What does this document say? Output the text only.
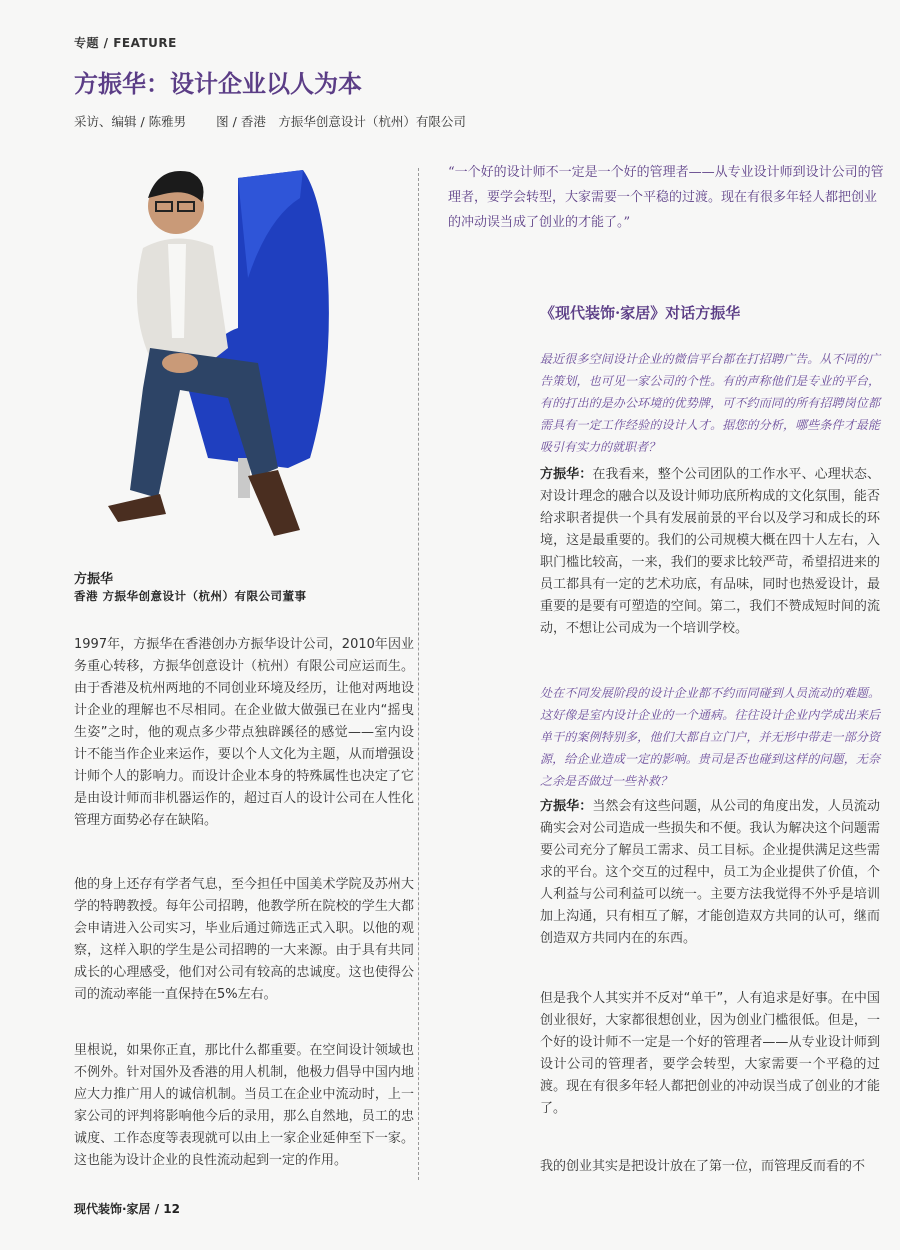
专题 / FEATURE
方振华：设计企业以人为本
采访、编辑 / 陈雅男 图 / 香港　方振华创意设计（杭州）有限公司
方振华
香港 方振华创意设计（杭州）有限公司董事
1997年，方振华在香港创办方振华设计公司，2010年因业务重心转移，方振华创意设计（杭州）有限公司应运而生。由于香港及杭州两地的不同创业环境及经历，让他对两地设计企业的理解也不尽相同。在企业做大做强已在业内“摇曳生姿”之时，他的观点多少带点独辟蹊径的感觉——室内设计不能当作企业来运作，要以个人文化为主题，从而增强设计师个人的影响力。而设计企业本身的特殊属性也决定了它是由设计师而非机器运作的，超过百人的设计公司在人性化管理方面势必存在缺陷。
他的身上还存有学者气息，至今担任中国美术学院及苏州大学的特聘教授。每年公司招聘，他教学所在院校的学生大都会申请进入公司实习，毕业后通过筛选正式入职。以他的观察，这样入职的学生是公司招聘的一大来源。由于具有共同成长的心理感受，他们对公司有较高的忠诚度。这也使得公司的流动率能一直保持在5%左右。
里根说，如果你正直，那比什么都重要。在空间设计领域也不例外。针对国外及香港的用人机制，他极力倡导中国内地应大力推广用人的诚信机制。当员工在企业中流动时，上一家公司的评判将影响他今后的录用，那么自然地，员工的忠诚度、工作态度等表现就可以由上一家企业延伸至下一家。这也能为设计企业的良性流动起到一定的作用。
“一个好的设计师不一定是一个好的管理者——从专业设计师到设计公司的管理者，要学会转型，大家需要一个平稳的过渡。现在有很多年轻人都把创业的冲动误当成了创业的才能了。”
《现代装饰·家居》对话方振华
最近很多空间设计企业的微信平台都在打招聘广告。从不同的广告策划，也可见一家公司的个性。有的声称他们是专业的平台，有的打出的是办公环境的优势牌，可不约而同的所有招聘岗位都需具有一定工作经验的设计人才。据您的分析，哪些条件才最能吸引有实力的就职者？
方振华：在我看来，整个公司团队的工作水平、心理状态、对设计理念的融合以及设计师功底所构成的文化氛围，能否给求职者提供一个具有发展前景的平台以及学习和成长的环境，这是最重要的。我们的公司规模大概在四十人左右，入职门槛比较高，一来，我们的要求比较严苛，希望招进来的员工都具有一定的艺术功底，有品味，同时也热爱设计，最重要的是要有可塑造的空间。第二，我们不赞成短时间的流动，不想让公司成为一个培训学校。
处在不同发展阶段的设计企业都不约而同碰到人员流动的难题。这好像是室内设计企业的一个通病。往往设计企业内学成出来后单干的案例特别多，他们大都自立门户，并无形中带走一部分资源，给企业造成一定的影响。贵司是否也碰到这样的问题，无奈之余是否做过一些补救？
方振华：当然会有这些问题，从公司的角度出发，人员流动确实会对公司造成一些损失和不便。我认为解决这个问题需要公司充分了解员工需求、员工目标。企业提供满足这些需求的平台。这个交互的过程中，员工为企业提供了价值，个人利益与公司利益可以统一。主要方法我觉得不外乎是培训加上沟通，只有相互了解，才能创造双方共同的认可，继而创造双方共同内在的东西。
但是我个人其实并不反对“单干”，人有追求是好事。在中国创业很好，大家都很想创业，因为创业门槛很低。但是，一个好的设计师不一定是一个好的管理者——从专业设计师到设计公司的管理者，要学会转型，大家需要一个平稳的过渡。现在有很多年轻人都把创业的冲动误当成了创业的才能了。
我的创业其实是把设计放在了第一位，而管理反而看的不
现代装饰·家居 / 12
